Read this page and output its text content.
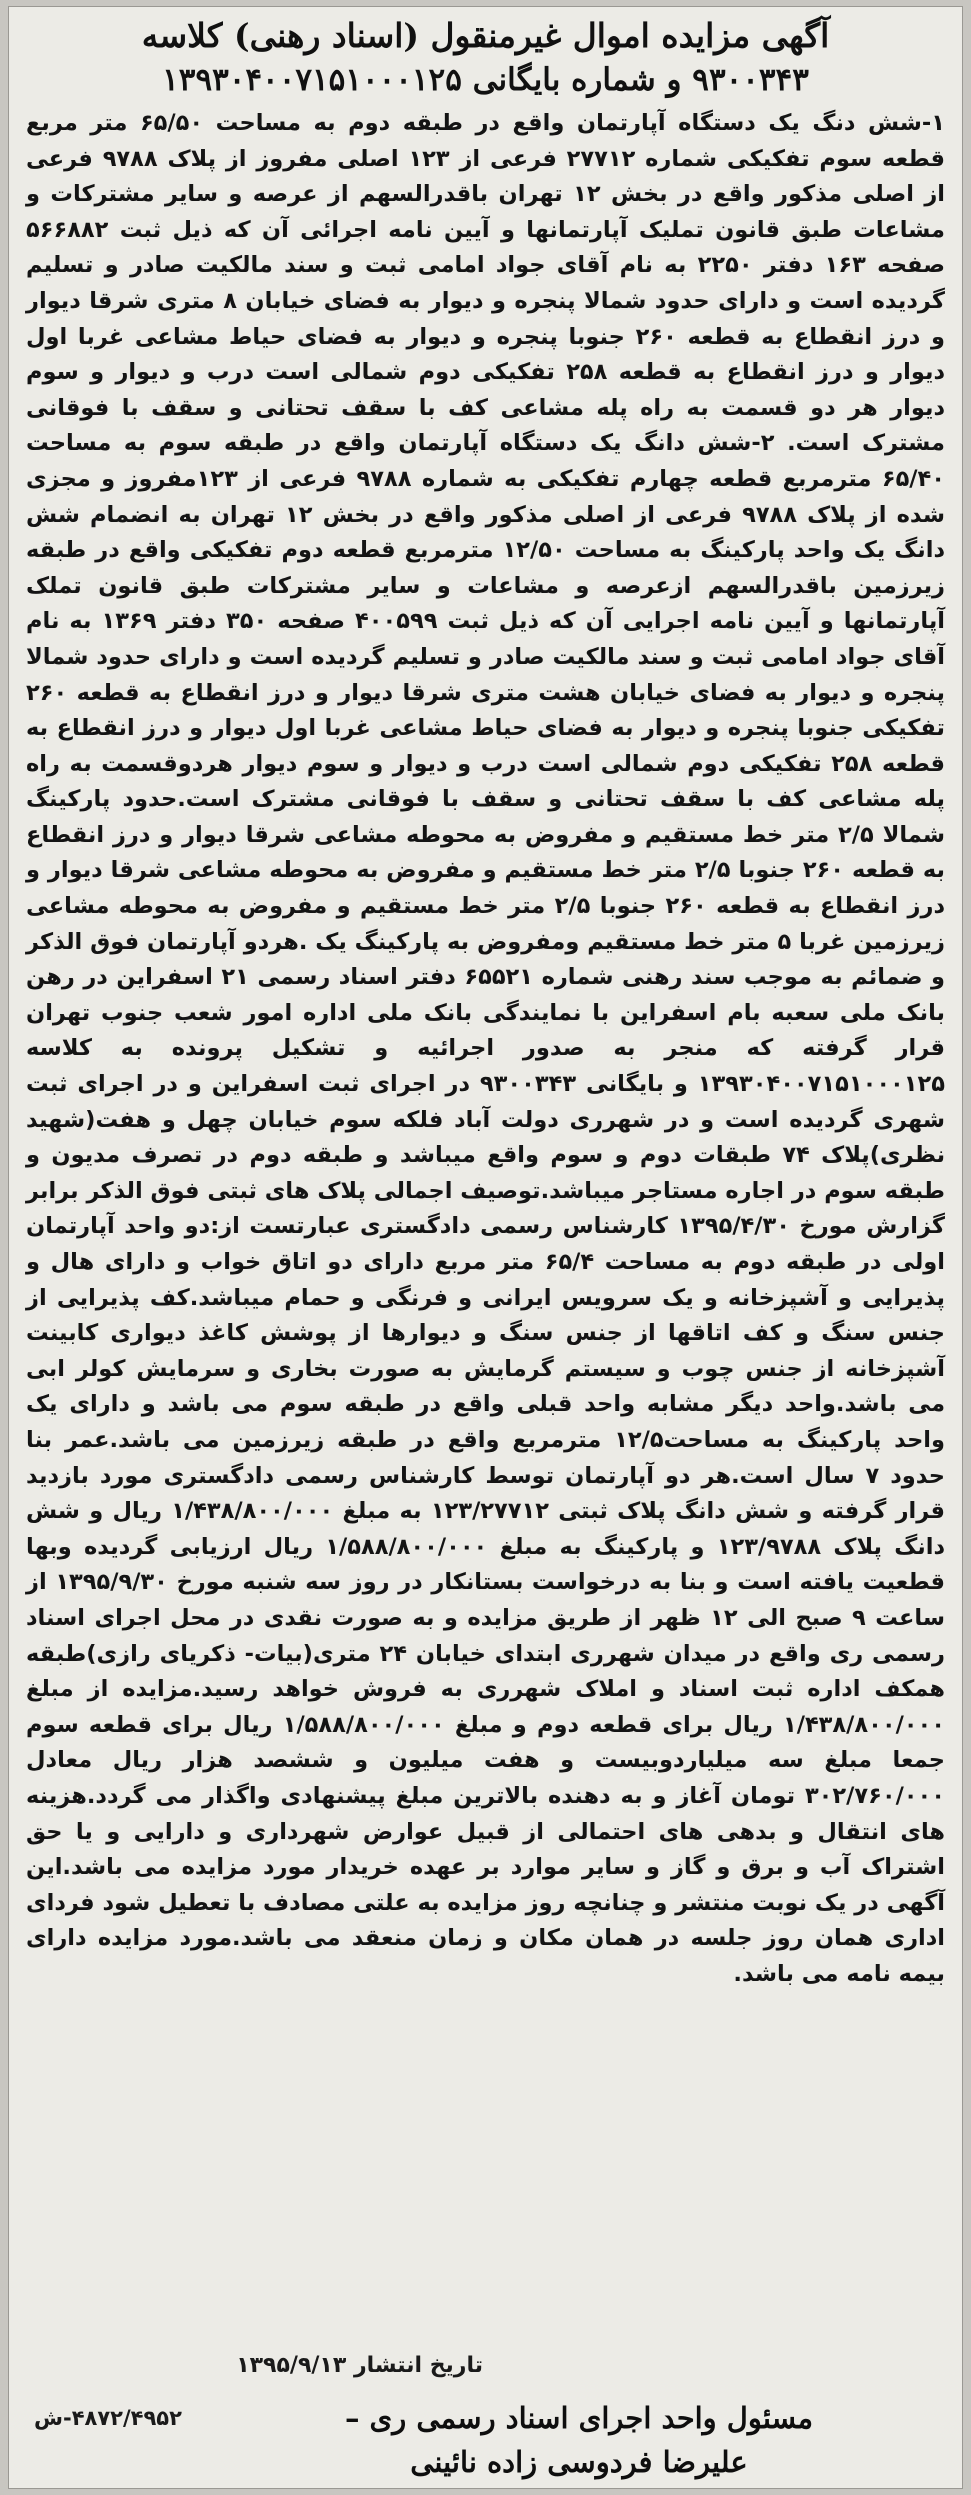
آگهی مزایده اموال غیرمنقول (اسناد رهنی) کلاسه
۹۳۰۰۳۴۳ و شماره بایگانی ۱۳۹۳۰۴۰۰۷۱۵۱۰۰۰۱۲۵
۱-شش دنگ یک دستگاه آپارتمان واقع در طبقه دوم به مساحت ۶۵/۵۰ متر مربع قطعه سوم تفکیکی شماره ۲۷۷۱۲ فرعی از ۱۲۳ اصلی مفروز از پلاک ۹۷۸۸ فرعی از اصلی مذکور واقع در بخش ۱۲ تهران باقدرالسهم از عرصه و سایر مشترکات و مشاعات طبق قانون تملیک آپارتمانها و آیین نامه اجرائی آن که ذیل ثبت ۵۶۶۸۸۲ صفحه ۱۶۳ دفتر ۲۲۵۰ به نام آقای جواد امامی ثبت و سند مالکیت صادر و تسلیم گردیده است و دارای حدود شمالا پنجره و دیوار به فضای خیابان ۸ متری شرقا دیوار و درز انقطاع به قطعه ۲۶۰ جنوبا پنجره و دیوار به فضای حیاط مشاعی غربا اول دیوار و درز انقطاع به قطعه ۲۵۸ تفکیکی دوم شمالی است درب و دیوار و سوم دیوار هر دو قسمت به راه پله مشاعی کف با سقف تحتانی و سقف با فوقانی مشترک است. ۲-شش دانگ یک دستگاه آپارتمان واقع در طبقه سوم به مساحت ۶۵/۴۰ مترمربع قطعه چهارم تفکیکی به شماره ۹۷۸۸ فرعی از ۱۲۳مفروز و مجزی شده از پلاک ۹۷۸۸ فرعی از اصلی مذکور واقع در بخش ۱۲ تهران به انضمام شش دانگ یک واحد پارکینگ به مساحت ۱۲/۵۰ مترمربع قطعه دوم تفکیکی واقع در طبقه زیرزمین باقدرالسهم ازعرصه و مشاعات و سایر مشترکات طبق قانون تملک آپارتمانها و آیین نامه اجرایی آن که ذیل ثبت ۴۰۰۵۹۹ صفحه ۳۵۰ دفتر ۱۳۶۹ به نام آقای جواد امامی ثبت و سند مالکیت صادر و تسلیم گردیده است و دارای حدود شمالا پنجره و دیوار به فضای خیابان هشت متری شرقا دیوار و درز انقطاع به قطعه ۲۶۰ تفکیکی جنوبا پنجره و دیوار به فضای حیاط مشاعی غربا اول دیوار و درز انقطاع به قطعه ۲۵۸ تفکیکی دوم شمالی است درب و دیوار و سوم دیوار هردوقسمت به راه پله مشاعی کف با سقف تحتانی و سقف با فوقانی مشترک است.حدود پارکینگ شمالا ۲/۵ متر خط مستقیم و مفروض به محوطه مشاعی شرقا دیوار و درز انقطاع به قطعه ۲۶۰ جنوبا ۲/۵ متر خط مستقیم و مفروض به محوطه مشاعی شرقا دیوار و درز انقطاع به قطعه ۲۶۰ جنوبا ۲/۵ متر خط مستقیم و مفروض به محوطه مشاعی زیرزمین غربا ۵ متر خط مستقیم ومفروض به پارکینگ یک .هردو آپارتمان فوق الذکر و ضمائم به موجب سند رهنی شماره ۶۵۵۲۱ دفتر اسناد رسمی ۲۱ اسفراین در رهن بانک ملی سعبه بام اسفراین با نمایندگی بانک ملی اداره امور شعب جنوب تهران قرار گرفته که منجر به صدور اجرائیه و تشکیل پرونده به کلاسه ۱۳۹۳۰۴۰۰۷۱۵۱۰۰۰۱۲۵ و بایگانی ۹۳۰۰۳۴۳ در اجرای ثبت اسفراین و در اجرای ثبت شهری گردیده است و در شهرری دولت آباد فلکه سوم خیابان چهل و هفت(شهید نظری)پلاک ۷۴ طبقات دوم و سوم واقع میباشد و طبقه دوم در تصرف مدیون و طبقه سوم در اجاره مستاجر میباشد.توصیف اجمالی پلاک های ثبتی فوق الذکر برابر گزارش مورخ ۱۳۹۵/۴/۳۰ کارشناس رسمی دادگستری عبارتست از:دو واحد آپارتمان اولی در طبقه دوم به مساحت ۶۵/۴ متر مربع دارای دو اتاق خواب و دارای هال و پذیرایی و آشپزخانه و یک سرویس ایرانی و فرنگی و حمام میباشد.کف پذیرایی از جنس سنگ و کف اتاقها از جنس سنگ و دیوارها از پوشش کاغذ دیواری کابینت آشپزخانه از جنس چوب و سیستم گرمایش به صورت بخاری و سرمایش کولر ابی می باشد.واحد دیگر مشابه واحد قبلی واقع در طبقه سوم می باشد و دارای یک واحد پارکینگ به مساحت۱۲/۵ مترمربع واقع در طبقه زیرزمین می باشد.عمر بنا حدود ۷ سال است.هر دو آپارتمان توسط کارشناس رسمی دادگستری مورد بازدید قرار گرفته و شش دانگ پلاک ثبتی ۱۲۳/۲۷۷۱۲ به مبلغ ۱/۴۳۸/۸۰۰/۰۰۰ ریال و شش دانگ پلاک ۱۲۳/۹۷۸۸ و پارکینگ به مبلغ ۱/۵۸۸/۸۰۰/۰۰۰ ریال ارزیابی گردیده وبها قطعیت یافته است و بنا به درخواست بستانکار در روز سه شنبه مورخ ۱۳۹۵/۹/۳۰ از ساعت ۹ صبح الی ۱۲ ظهر از طریق مزایده و به صورت نقدی در محل اجرای اسناد رسمی ری واقع در میدان شهرری ابتدای خیابان ۲۴ متری(بیات- ذکریای رازی)طبقه همکف اداره ثبت اسناد و املاک شهرری به فروش خواهد رسید.مزایده از مبلغ ۱/۴۳۸/۸۰۰/۰۰۰ ریال برای قطعه دوم و مبلغ ۱/۵۸۸/۸۰۰/۰۰۰ ریال برای قطعه سوم جمعا مبلغ سه میلیاردوبیست و هفت میلیون و ششصد هزار ریال معادل ۳۰۲/۷۶۰/۰۰۰ تومان آغاز و به دهنده بالاترین مبلغ پیشنهادی واگذار می گردد.هزینه های انتقال و بدهی های احتمالی از قبیل عوارض شهرداری و دارایی و یا حق اشتراک آب و برق و گاز و سایر موارد بر عهده خریدار مورد مزایده می باشد.این آگهی در یک نوبت منتشر و چنانچه روز مزایده به علتی مصادف با تعطیل شود فردای اداری همان روز جلسه در همان مکان و زمان منعقد می باشد.مورد مزایده دارای بیمه نامه می باشد.
تاریخ انتشار ۱۳۹۵/۹/۱۳
مسئول واحد اجرای اسناد رسمی ری –
علیرضا فردوسی زاده نائینی
۴۸۷۲/۴۹۵۲-ش
